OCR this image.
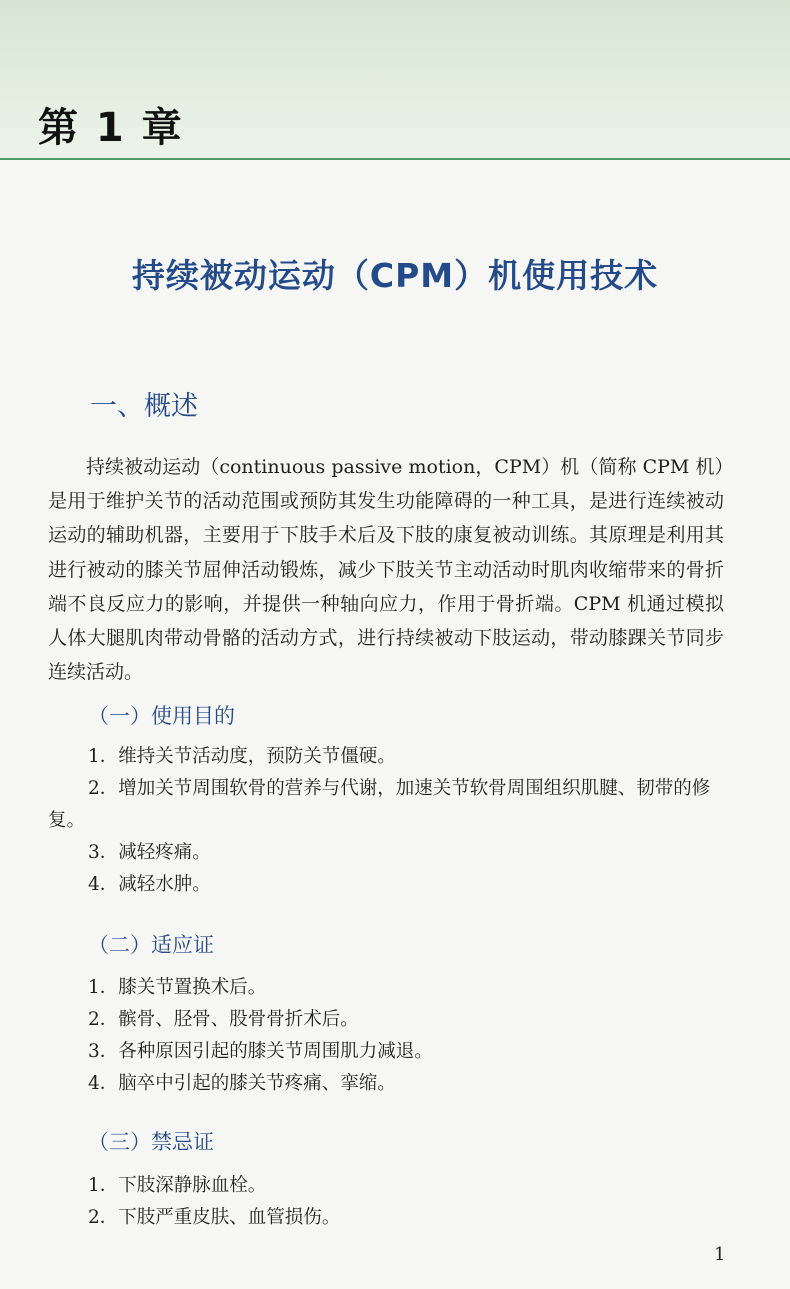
第 1 章
持续被动运动（CPM）机使用技术
一、概述

持续被动运动（continuous passive motion，CPM）机（简称 CPM 机）是用于维护关节的活动范围或预防其发生功能障碍的一种工具，是进行连续被动运动的辅助机器，主要用于下肢手术后及下肢的康复被动训练。其原理是利用其进行被动的膝关节屈伸活动锻炼，减少下肢关节主动活动时肌肉收缩带来的骨折端不良反应力的影响，并提供一种轴向应力，作用于骨折端。CPM 机通过模拟人体大腿肌肉带动骨骼的活动方式，进行持续被动下肢运动，带动膝踝关节同步连续活动。

（一）使用目的
1．维持关节活动度，预防关节僵硬。
2．增加关节周围软骨的营养与代谢，加速关节软骨周围组织肌腱、韧带的修复。
3．减轻疼痛。
4．减轻水肿。
（二）适应证
1．膝关节置换术后。
2．髌骨、胫骨、股骨骨折术后。
3．各种原因引起的膝关节周围肌力减退。
4．脑卒中引起的膝关节疼痛、挛缩。
（三）禁忌证
1．下肢深静脉血栓。
2．下肢严重皮肤、血管损伤。
1
